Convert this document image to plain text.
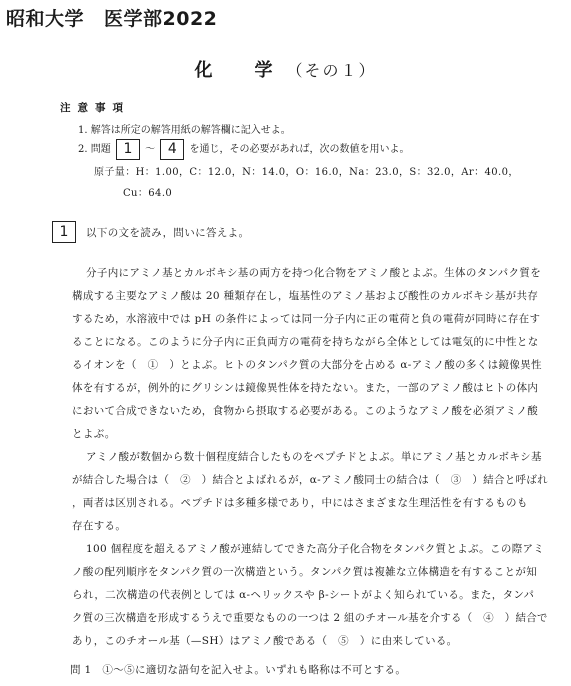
昭和大学 医学部2022
化　　学 （その１）
注意事項
1. 解答は所定の解答用紙の解答欄に記入せよ。
2. 問題 1 ～ 4 を通じ，その必要があれば，次の数値を用いよ。
原子量：H：1.00，C：12.0，N：14.0，O：16.0，Na：23.0，S：32.0，Ar：40.0，
Cu：64.0
1	以下の文を読み，問いに答えよ。
分子内にアミノ基とカルボキシ基の両方を持つ化合物をアミノ酸とよぶ。生体のタンパク質を
構成する主要なアミノ酸は 20 種類存在し，塩基性のアミノ基および酸性のカルボキシ基が共存
するため，水溶液中では pH の条件によっては同一分子内に正の電荷と負の電荷が同時に存在す
ることになる。このように分子内に正負両方の電荷を持ちながら全体としては電気的に中性とな
るイオンを（　①　）とよぶ。ヒトのタンパク質の大部分を占める α-アミノ酸の多くは鏡像異性
体を有するが，例外的にグリシンは鏡像異性体を持たない。また，一部のアミノ酸はヒトの体内
において合成できないため，食物から摂取する必要がある。このようなアミノ酸を必須アミノ酸
とよぶ。
アミノ酸が数個から数十個程度結合したものをペプチドとよぶ。単にアミノ基とカルボキシ基
が結合した場合は（　②　）結合とよばれるが，α-アミノ酸同士の結合は（　③　）結合と呼ばれ
，両者は区別される。ペプチドは多種多様であり，中にはさまざまな生理活性を有するものも
存在する。
100 個程度を超えるアミノ酸が連結してできた高分子化合物をタンパク質とよぶ。この際アミ
ノ酸の配列順序をタンパク質の一次構造という。タンパク質は複雑な立体構造を有することが知
られ，二次構造の代表例としては α-ヘリックスや β-シートがよく知られている。また，タンパ
ク質の三次構造を形成するうえで重要なものの一つは 2 組のチオール基を介する（　④　）結合で
あり，このチオール基（—SH）はアミノ酸である（　⑤　）に由来している。
問 1　①～⑤に適切な語句を記入せよ。いずれも略称は不可とする。
